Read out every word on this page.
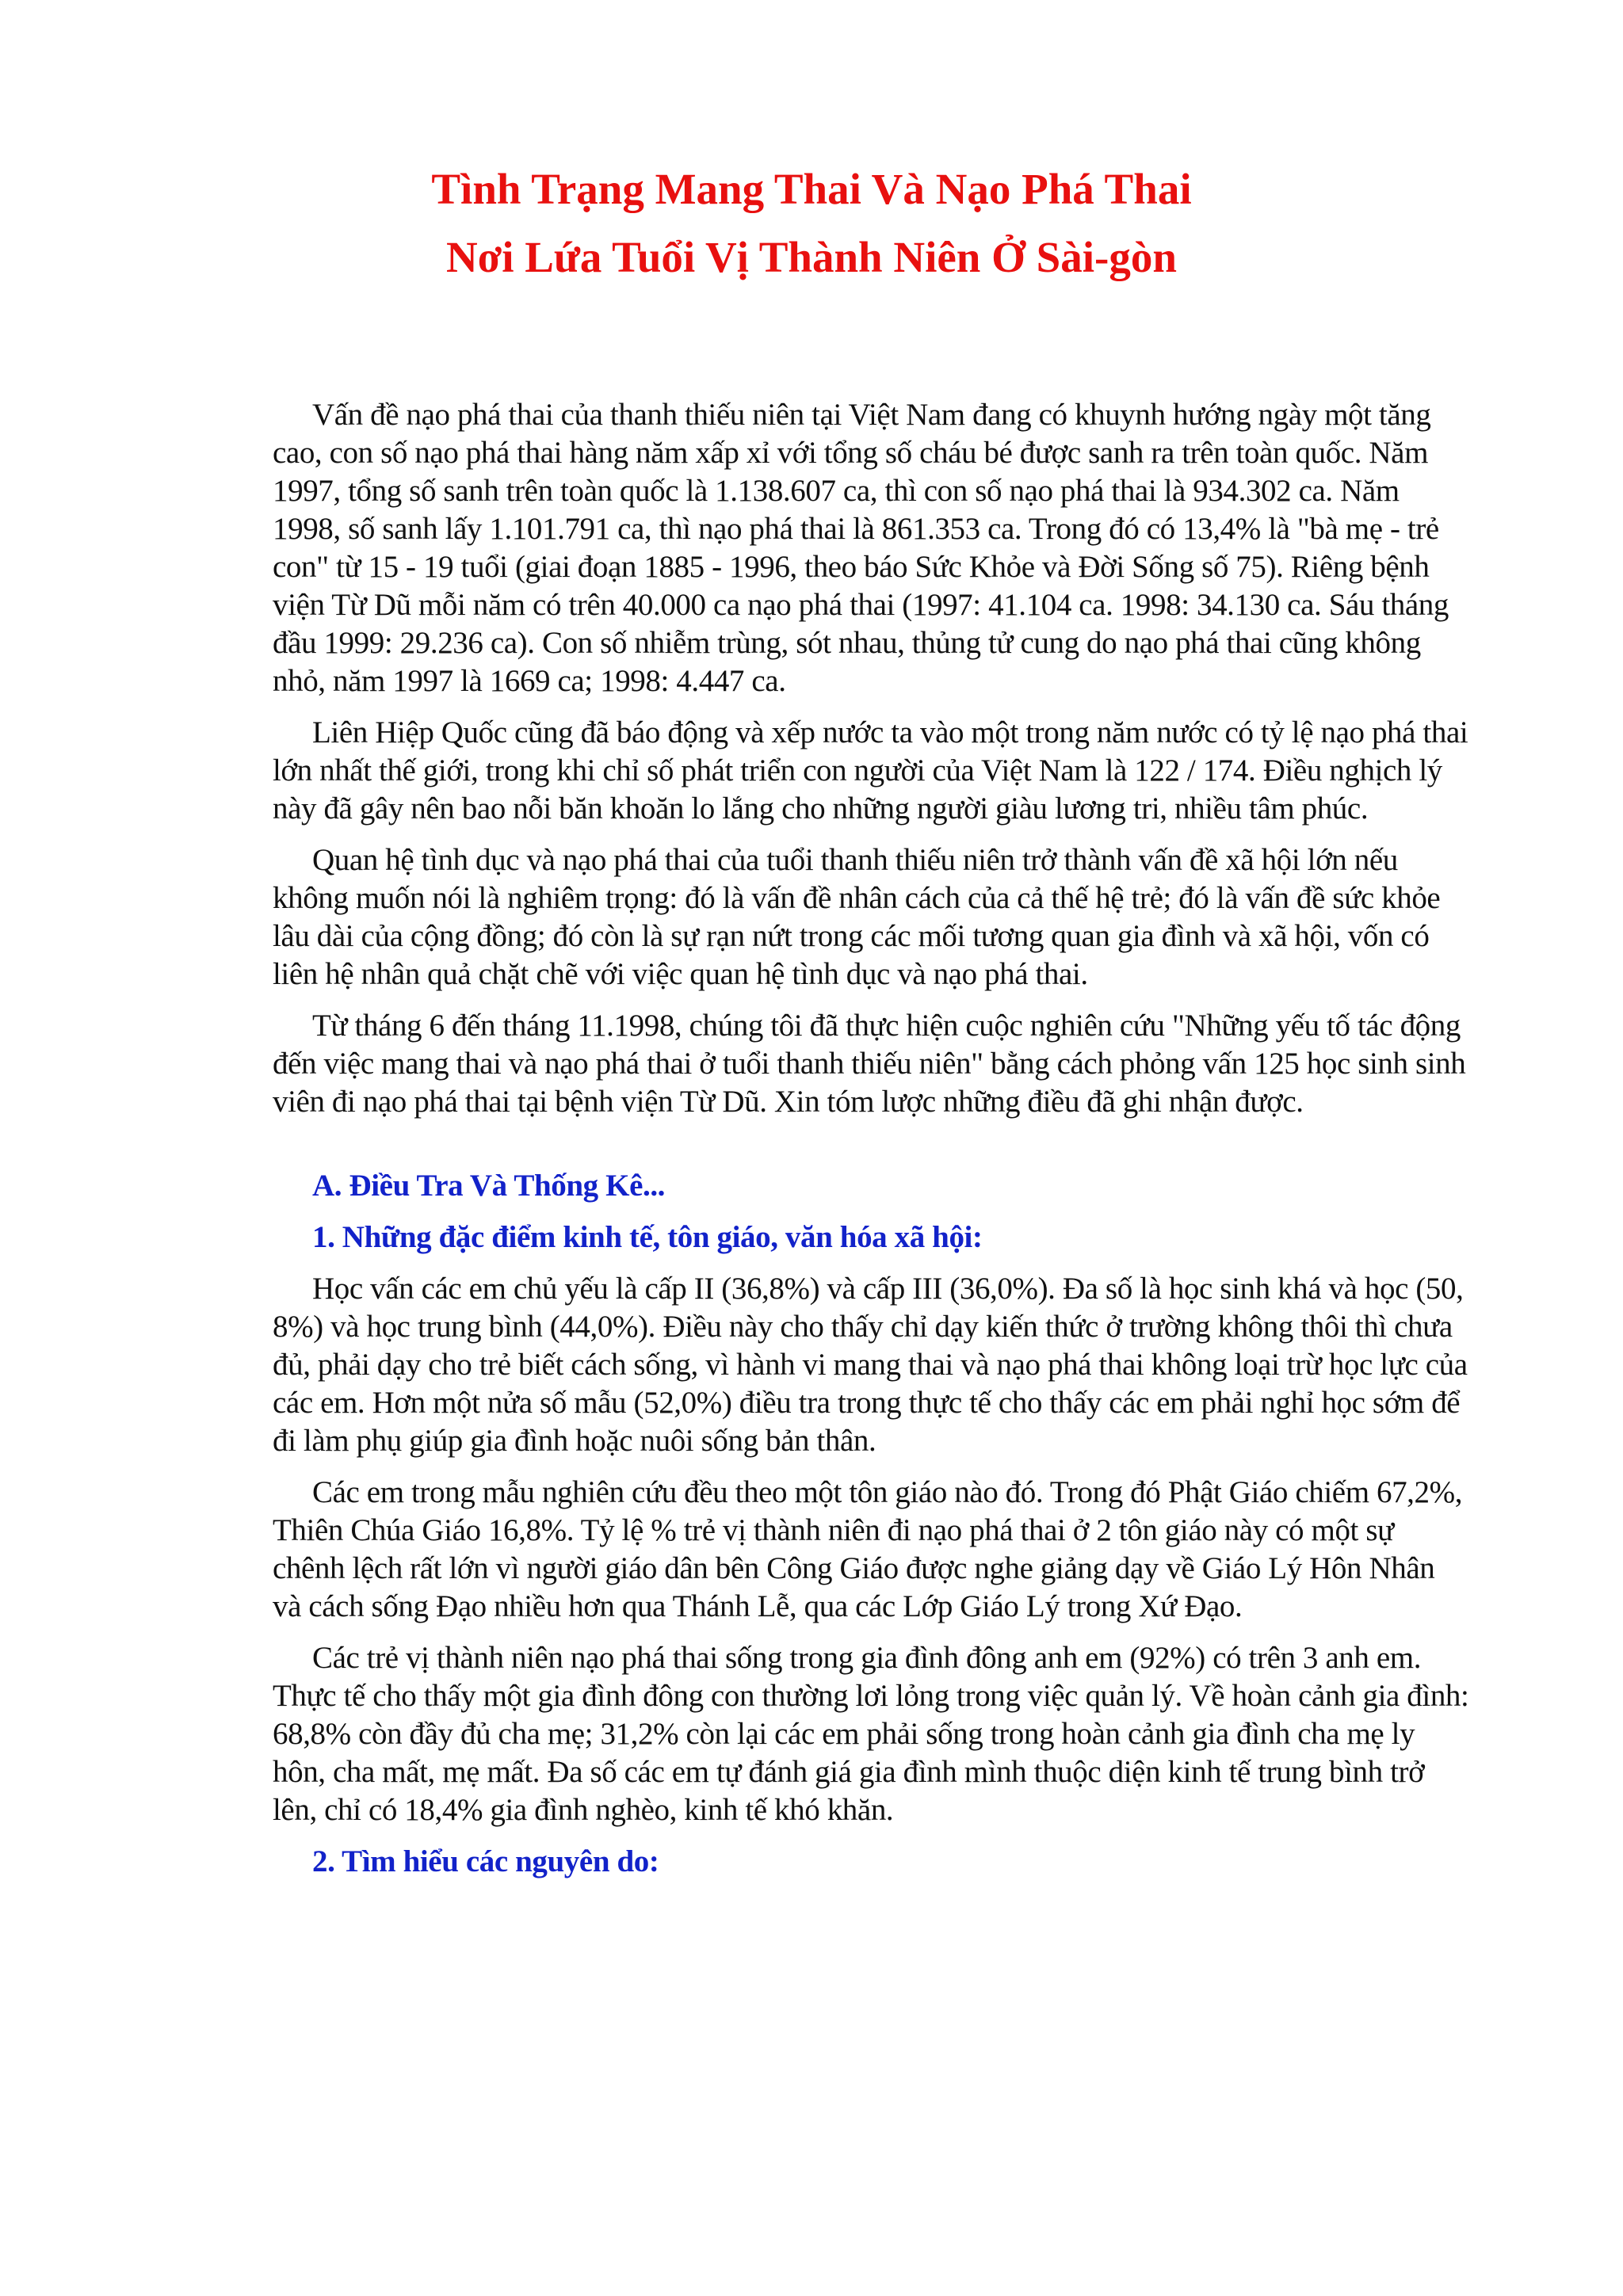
Tình Trạng Mang Thai Và Nạo Phá Thai
Nơi Lứa Tuổi Vị Thành Niên Ở Sài-gòn

Vấn đề nạo phá thai của thanh thiếu niên tại Việt Nam đang có khuynh hướng ngày một tăng cao, con số nạo phá thai hàng năm xấp xỉ với tổng số cháu bé được sanh ra trên toàn quốc. Năm 1997, tổng số sanh trên toàn quốc là 1.138.607 ca, thì con số nạo phá thai là 934.302 ca. Năm 1998, số sanh lấy 1.101.791 ca, thì nạo phá thai là 861.353 ca. Trong đó có 13,4% là "bà mẹ - trẻ con" từ 15 - 19 tuổi (giai đoạn 1885 - 1996, theo báo Sức Khỏe và Đời Sống số 75). Riêng bệnh viện Từ Dũ mỗi năm có trên 40.000 ca nạo phá thai (1997: 41.104 ca. 1998: 34.130 ca. Sáu tháng đầu 1999: 29.236 ca). Con số nhiễm trùng, sót nhau, thủng tử cung do nạo phá thai cũng không nhỏ, năm 1997 là 1669 ca; 1998: 4.447 ca.

Liên Hiệp Quốc cũng đã báo động và xếp nước ta vào một trong năm nước có tỷ lệ nạo phá thai lớn nhất thế giới, trong khi chỉ số phát triển con người của Việt Nam là 122 / 174. Điều nghịch lý này đã gây nên bao nỗi băn khoăn lo lắng cho những người giàu lương tri, nhiều tâm phúc.

Quan hệ tình dục và nạo phá thai của tuổi thanh thiếu niên trở thành vấn đề xã hội lớn nếu không muốn nói là nghiêm trọng: đó là vấn đề nhân cách của cả thế hệ trẻ; đó là vấn đề sức khỏe lâu dài của cộng đồng; đó còn là sự rạn nứt trong các mối tương quan gia đình và xã hội, vốn có liên hệ nhân quả chặt chẽ với việc quan hệ tình dục và nạo phá thai.

Từ tháng 6 đến tháng 11.1998, chúng tôi đã thực hiện cuộc nghiên cứu "Những yếu tố tác động đến việc mang thai và nạo phá thai ở tuổi thanh thiếu niên" bằng cách phỏng vấn 125 học sinh sinh viên đi nạo phá thai tại bệnh viện Từ Dũ. Xin tóm lược những điều đã ghi nhận được.

A. Điều Tra Và Thống Kê...
1. Những đặc điểm kinh tế, tôn giáo, văn hóa xã hội:

Học vấn các em chủ yếu là cấp II (36,8%) và cấp III (36,0%). Đa số là học sinh khá và học (50, 8%) và học trung bình (44,0%). Điều này cho thấy chỉ dạy kiến thức ở trường không thôi thì chưa đủ, phải dạy cho trẻ biết cách sống, vì hành vi mang thai và nạo phá thai không loại trừ học lực của các em. Hơn một nửa số mẫu (52,0%) điều tra trong thực tế cho thấy các em phải nghỉ học sớm để đi làm phụ giúp gia đình hoặc nuôi sống bản thân.

Các em trong mẫu nghiên cứu đều theo một tôn giáo nào đó. Trong đó Phật Giáo chiếm 67,2%, Thiên Chúa Giáo 16,8%. Tỷ lệ % trẻ vị thành niên đi nạo phá thai ở 2 tôn giáo này có một sự chênh lệch rất lớn vì người giáo dân bên Công Giáo được nghe giảng dạy về Giáo Lý Hôn Nhân và cách sống Đạo nhiều hơn qua Thánh Lễ, qua các Lớp Giáo Lý trong Xứ Đạo.

Các trẻ vị thành niên nạo phá thai sống trong gia đình đông anh em (92%) có trên 3 anh em. Thực tế cho thấy một gia đình đông con thường lơi lỏng trong việc quản lý. Về hoàn cảnh gia đình: 68,8% còn đầy đủ cha mẹ; 31,2% còn lại các em phải sống trong hoàn cảnh gia đình cha mẹ ly hôn, cha mất, mẹ mất. Đa số các em tự đánh giá gia đình mình thuộc diện kinh tế trung bình trở lên, chỉ có 18,4% gia đình nghèo, kinh tế khó khăn.

2. Tìm hiểu các nguyên do:
